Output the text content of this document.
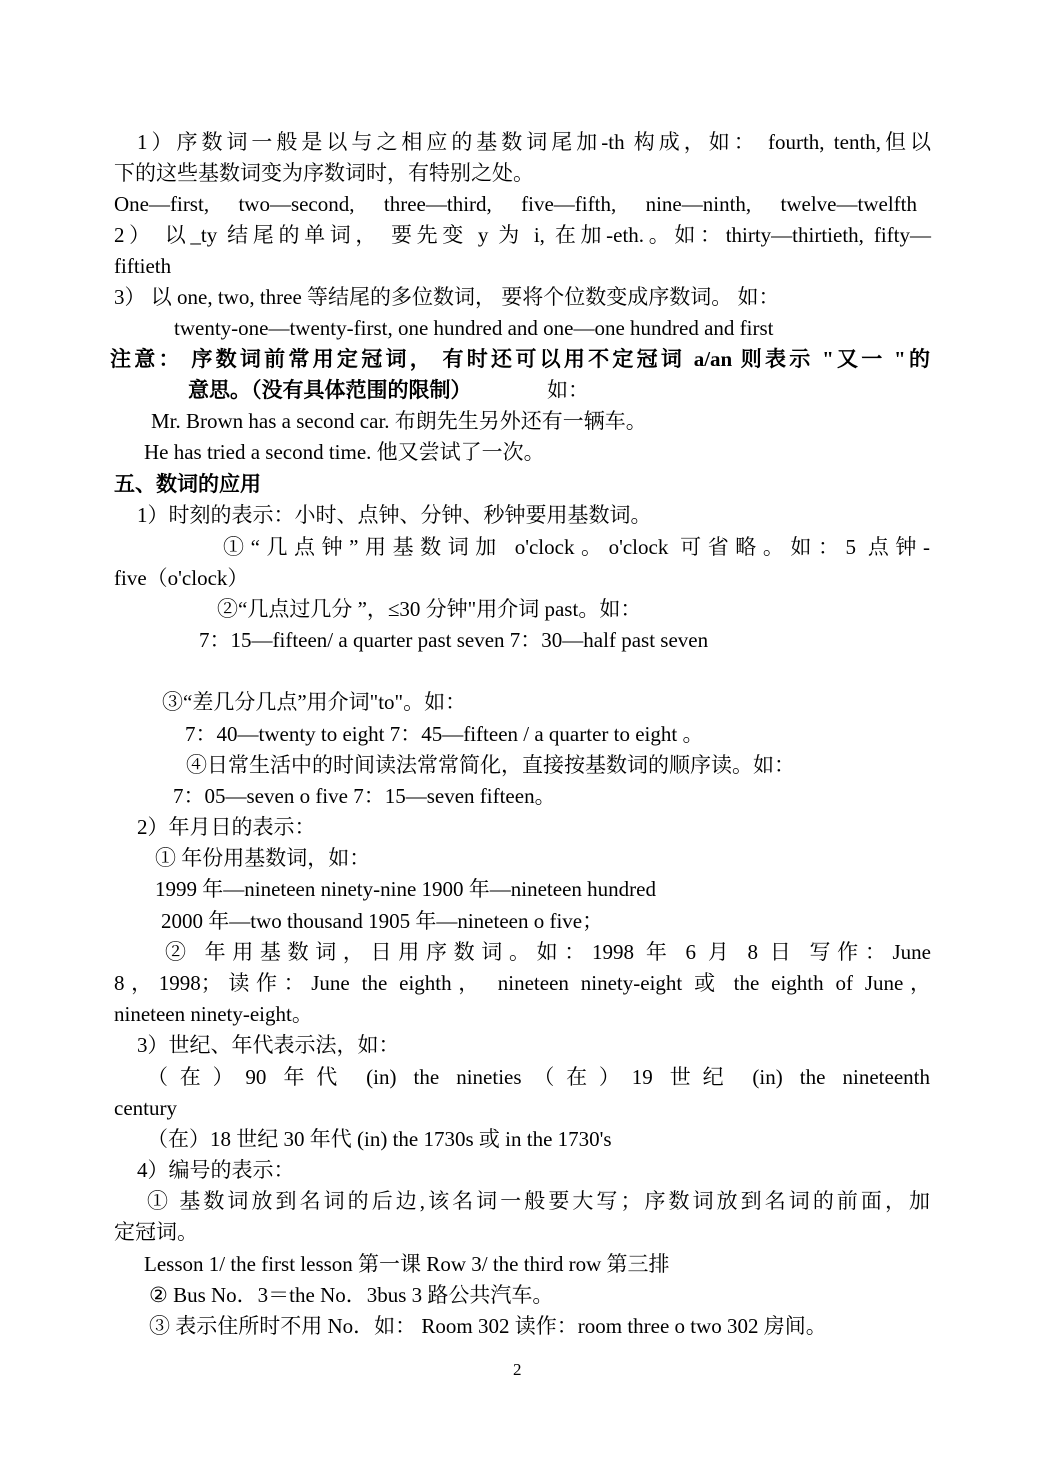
1）序数词一般是以与之相应的基数词尾加-th 构成，如： fourth, tenth,但以
下的这些基数词变为序数词时，有特别之处。
One—first, two—second, three—third, five—fifth, nine—ninth, twelve—twelfth
2） 以_ty 结尾的单词， 要先变 y 为 i, 在加-eth.。如：thirty—thirtieth, fifty—
fiftieth
3） 以 one, two, three 等结尾的多位数词， 要将个位数变成序数词。 如：
twenty-one—twenty-first, one hundred and one—one hundred and first
注意： 序数词前常用定冠词， 有时还可以用不定冠词 a/an 则表示 "又一 "的
意思。（没有具体范围的限制）	如：
Mr. Brown has a second car. 布朗先生另外还有一辆车。
He has tried a second time. 他又尝试了一次。
五、数词的应用
1）时刻的表示：小时、点钟、分钟、秒钟要用基数词。
①“几点钟”用基数词加 o'clock。o'clock 可省略。如：5 点钟-
five（o'clock）
②“几点过几分 ”，≤30 分钟"用介词 past。如：
7：15—fifteen/ a quarter past seven 7：30—half past seven
③“差几分几点”用介词"to"。如：
7：40—twenty to eight 7：45—fifteen / a quarter to eight 。
④日常生活中的时间读法常常简化，直接按基数词的顺序读。如：
7：05—seven o five 7：15—seven fifteen。
2）年月日的表示：
① 年份用基数词，如：
1999 年—nineteen ninety-nine 1900 年—nineteen hundred
2000 年—two thousand 1905 年—nineteen o five；
② 年用基数词，日用序数词。如：1998 年 6 月 8 日 写作：June
8，1998；读作：June the eighth， nineteen ninety-eight 或 the eighth of June，
nineteen ninety-eight。
3）世纪、年代表示法，如：
（在）90 年代 (in) the nineties（在）19 世纪 (in) the nineteenth
century
（在）18 世纪 30 年代 (in) the 1730s 或 in the 1730's
4）编号的表示：
① 基数词放到名词的后边,该名词一般要大写；序数词放到名词的前面，加
定冠词。
Lesson 1/ the first lesson 第一课 Row 3/ the third row 第三排
② Bus No．3＝the No．3bus 3 路公共汽车。
③ 表示住所时不用 No．如： Room 302 读作：room three o two 302 房间。
2
